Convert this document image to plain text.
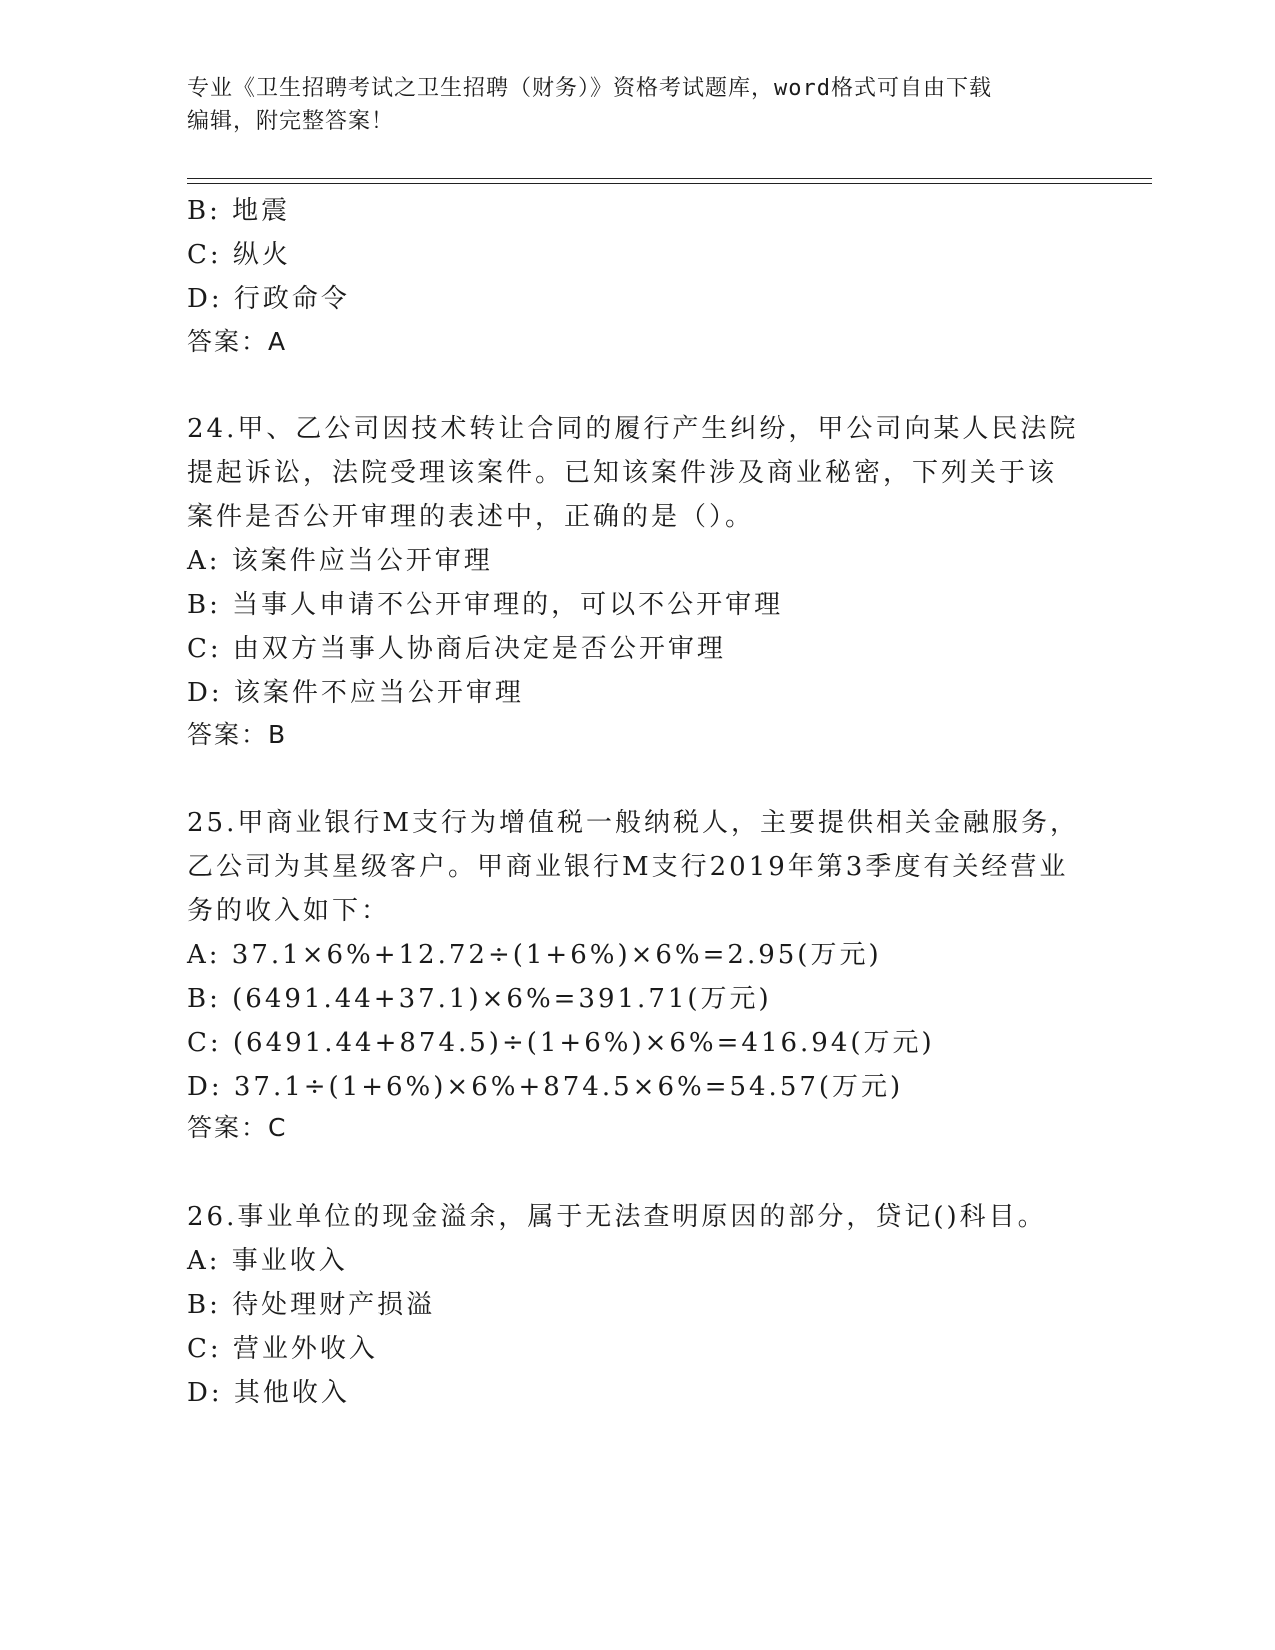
专业《卫生招聘考试之卫生招聘（财务）》资格考试题库，word格式可自由下载
编辑，附完整答案！
B: 地震
C: 纵火
D: 行政命令
答案：A
24.甲、乙公司因技术转让合同的履行产生纠纷，甲公司向某人民法院
提起诉讼，法院受理该案件。已知该案件涉及商业秘密，下列关于该
案件是否公开审理的表述中，正确的是（）。
A: 该案件应当公开审理
B: 当事人申请不公开审理的，可以不公开审理
C: 由双方当事人协商后决定是否公开审理
D: 该案件不应当公开审理
答案：B
25.甲商业银行M支行为增值税一般纳税人，主要提供相关金融服务，
乙公司为其星级客户。甲商业银行M支行2019年第3季度有关经营业
务的收入如下：
A: 37.1×6%+12.72÷(1+6%)×6%=2.95(万元)
B: (6491.44+37.1)×6%=391.71(万元)
C: (6491.44+874.5)÷(1+6%)×6%=416.94(万元)
D: 37.1÷(1+6%)×6%+874.5×6%=54.57(万元)
答案：C
26.事业单位的现金溢余，属于无法查明原因的部分，贷记()科目。
A: 事业收入
B: 待处理财产损溢
C: 营业外收入
D: 其他收入
